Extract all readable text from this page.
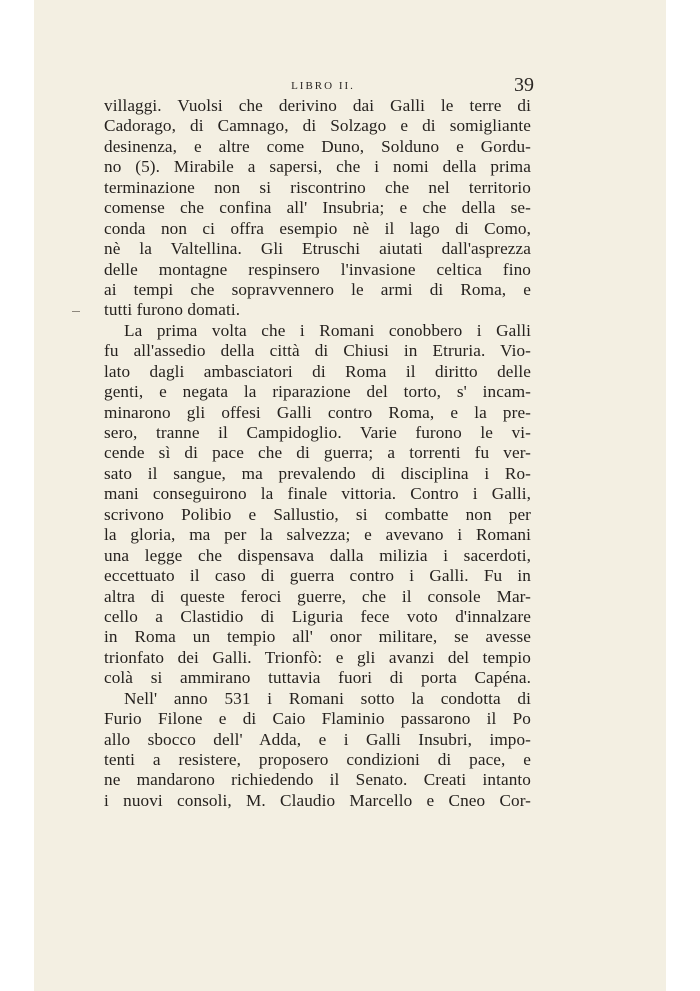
LIBRO II.	39
villaggi. Vuolsi che derivino dai Galli le terre di
Cadorago, di Camnago, di Solzago e di somigliante
desinenza, e altre come Duno, Solduno e Gordu-
no (5). Mirabile a sapersi, che i nomi della prima
terminazione non si riscontrino che nel territorio
comense che confina all' Insubria; e che della se-
conda non ci offra esempio nè il lago di Como,
nè la Valtellina. Gli Etruschi aiutati dall'asprezza
delle montagne respinsero l'invasione celtica fino
ai tempi che sopravvennero le armi di Roma, e
tutti furono domati.
La prima volta che i Romani conobbero i Galli
fu all'assedio della città di Chiusi in Etruria. Vio-
lato dagli ambasciatori di Roma il diritto delle
genti, e negata la riparazione del torto, s' incam-
minarono gli offesi Galli contro Roma, e la pre-
sero, tranne il Campidoglio. Varie furono le vi-
cende sì di pace che di guerra; a torrenti fu ver-
sato il sangue, ma prevalendo di disciplina i Ro-
mani conseguirono la finale vittoria. Contro i Galli,
scrivono Polibio e Sallustio, si combatte non per
la gloria, ma per la salvezza; e avevano i Romani
una legge che dispensava dalla milizia i sacerdoti,
eccettuato il caso di guerra contro i Galli. Fu in
altra di queste feroci guerre, che il console Mar-
cello a Clastidio di Liguria fece voto d'innalzare
in Roma un tempio all' onor militare, se avesse
trionfato dei Galli. Trionfò: e gli avanzi del tempio
colà si ammirano tuttavia fuori di porta Capéna.
Nell' anno 531 i Romani sotto la condotta di
Furio Filone e di Caio Flaminio passarono il Po
allo sbocco dell' Adda, e i Galli Insubri, impo-
tenti a resistere, proposero condizioni di pace, e
ne mandarono richiedendo il Senato. Creati intanto
i nuovi consoli, M. Claudio Marcello e Cneo Cor-
